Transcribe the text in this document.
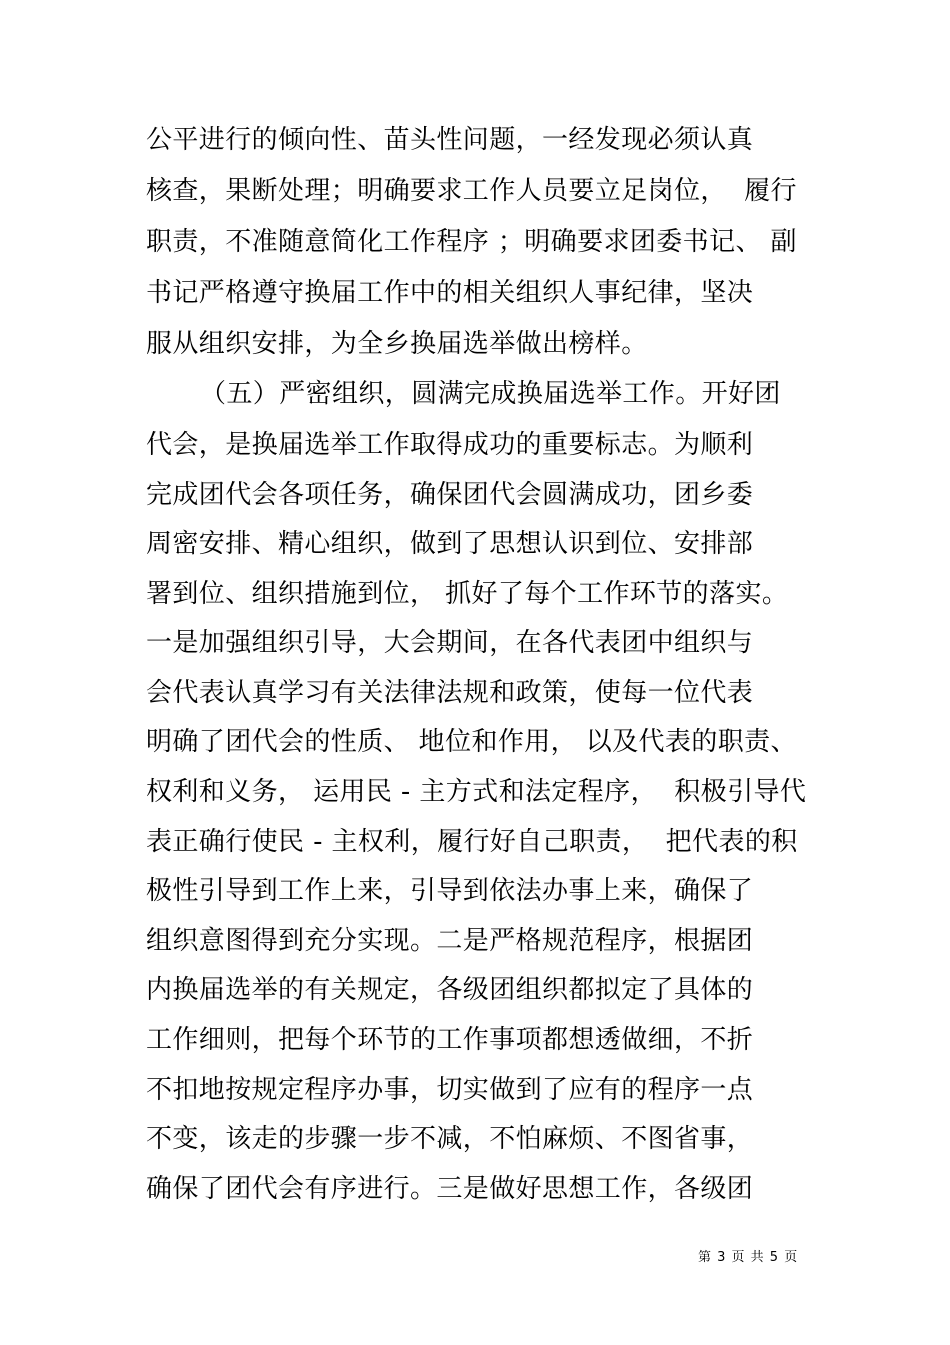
公平进行的倾向性、苗头性问题，一经发现必须认真
核查，果断处理；明确要求工作人员要立足岗位，  履行
职责，不准随意简化工作程序 ；明确要求团委书记、 副
书记严格遵守换届工作中的相关组织人事纪律，坚决
服从组织安排，为全乡换届选举做出榜样。
（五）严密组织，圆满完成换届选举工作。开好团
代会，是换届选举工作取得成功的重要标志。为顺利
完成团代会各项任务，确保团代会圆满成功，团乡委
周密安排、精心组织，做到了思想认识到位、安排部
署到位、组织措施到位， 抓好了每个工作环节的落实。
一是加强组织引导，大会期间，在各代表团中组织与
会代表认真学习有关法律法规和政策，使每一位代表
明确了团代会的性质、 地位和作用， 以及代表的职责、
权利和义务， 运用民 - 主方式和法定程序，  积极引导代
表正确行使民 - 主权利，履行好自己职责，  把代表的积
极性引导到工作上来，引导到依法办事上来，确保了
组织意图得到充分实现。二是严格规范程序，根据团
内换届选举的有关规定，各级团组织都拟定了具体的
工作细则，把每个环节的工作事项都想透做细，不折
不扣地按规定程序办事，切实做到了应有的程序一点
不变，该走的步骤一步不减，不怕麻烦、不图省事，
确保了团代会有序进行。三是做好思想工作，各级团
第 3 页 共 5 页
